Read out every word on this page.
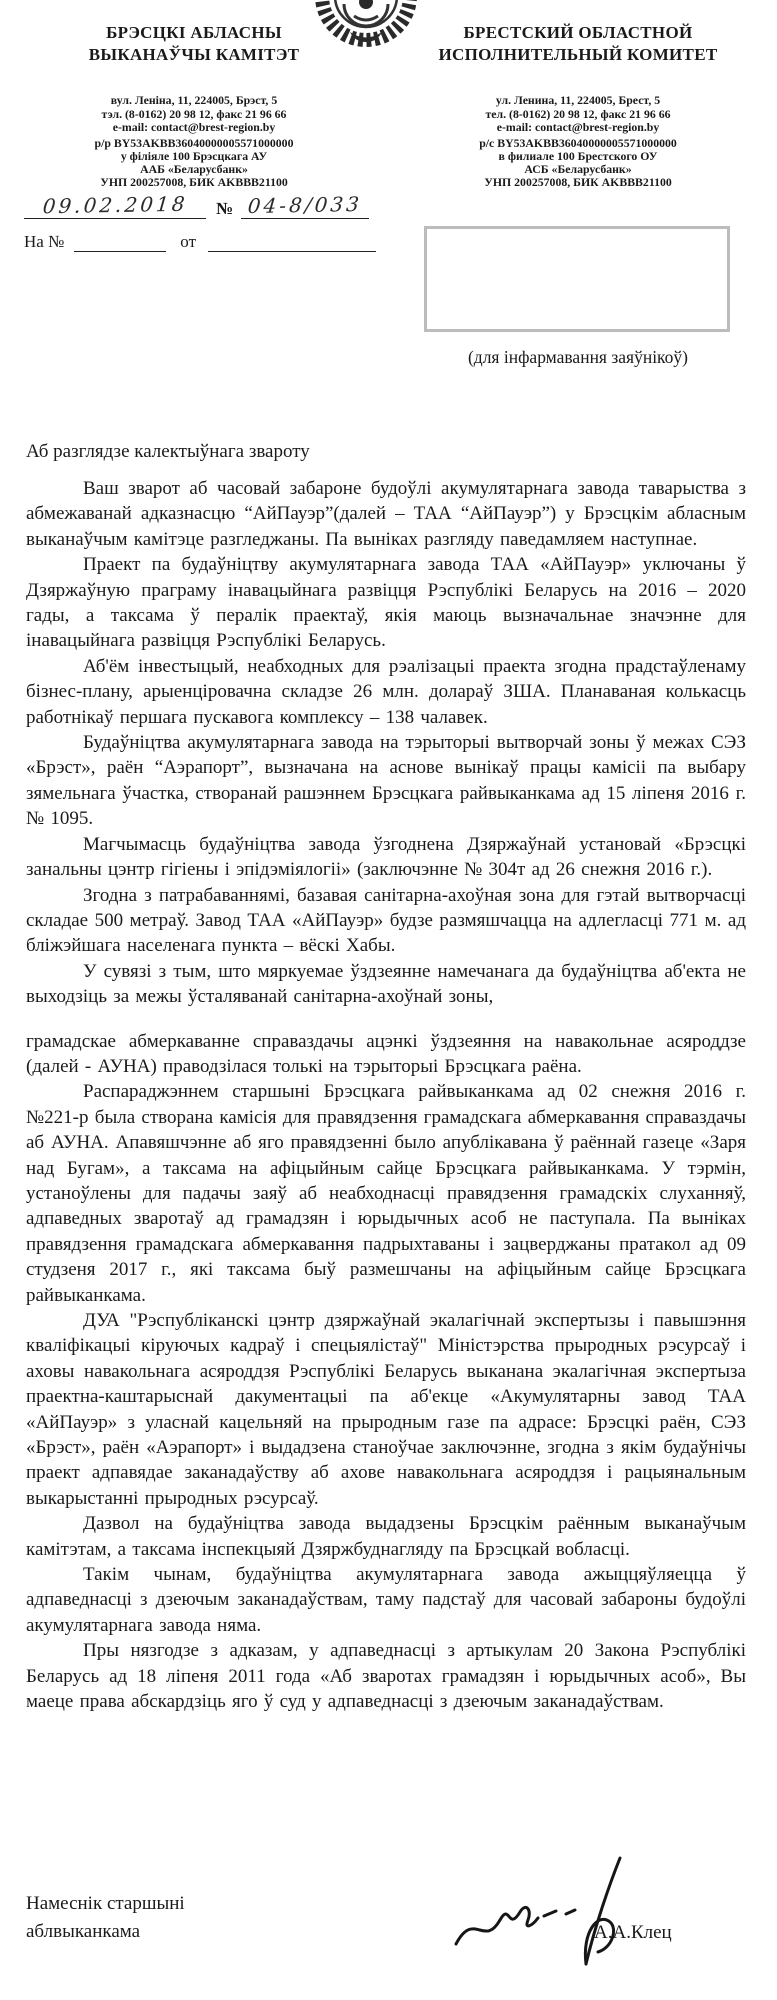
БРЭСЦКІ АБЛАСНЫ
ВЫКАНАЎЧЫ КАМІТЭТ
вул. Леніна, 11, 224005, Брэст, 5
тэл. (8-0162) 20 98 12, факс 21 96 66
e-mail: contact@brest-region.by
р/р BY53AKBB36040000005571000000
у філіяле 100 Брэсцкага АУ
ААБ «Беларусбанк»
УНП 200257008, БИК AKBBB21100
БРЕСТСКИЙ ОБЛАСТНОЙ
ИСПОЛНИТЕЛЬНЫЙ КОМИТЕТ
ул. Ленина, 11, 224005, Брест, 5
тел. (8-0162) 20 98 12, факс 21 96 66
e-mail: contact@brest-region.by
р/с BY53AKBB36040000005571000000
в филиале 100 Брестского ОУ
АСБ «Беларусбанк»
УНП 200257008, БИК AKBBB21100
09.02.2018 № 04-8/033
На №	от
(для інфармавання заяўнікоў)
Аб разглядзе калектыўнага звароту

Ваш зварот аб часовай забароне будоўлі акумулятарнага завода таварыства з абмежаванай адказнасцю “АйПауэр”(далей – ТАА “АйПауэр”) у Брэсцкім абласным выканаўчым камітэце разгледжаны. Па выніках разгляду паведамляем наступнае.

Праект па будаўніцтву акумулятарнага завода ТАА «АйПауэр» уключаны ў Дзяржаўную праграму інавацыйнага развіцця Рэспублікі Беларусь на 2016 – 2020 гады, а таксама ў пералік праектаў, якія маюць вызначальнае значэнне для інавацыйнага развіцця Рэспублікі Беларусь.

Аб'ём інвестыцый, неабходных для рэалізацыі праекта згодна прадстаўленаму бізнес-плану, арыенціровачна складзе 26 млн. долараў ЗША. Планаваная колькасць работнікаў першага пускавога комплексу – 138 чалавек.

Будаўніцтва акумулятарнага завода на тэрыторыі вытворчай зоны ў межах СЭЗ «Брэст», раён “Аэрапорт”, вызначана на аснове вынікаў працы камісіі па выбару зямельнага ўчастка, створанай рашэннем Брэсцкага райвыканкама ад 15 ліпеня 2016 г. № 1095.

Магчымасць будаўніцтва завода ўзгоднена Дзяржаўнай установай «Брэсцкі занальны цэнтр гігіены і эпідэміялогіі» (заключэнне № 304т ад 26 снежня 2016 г.).

Згодна з патрабаваннямі, базавая санітарна-ахоўная зона для гэтай вытворчасці складае 500 метраў. Завод ТАА «АйПауэр» будзе размяшчацца на адлегласці 771 м. ад бліжэйшага населенага пункта – вёскі Хабы.

У сувязі з тым, што мяркуемае ўздзеянне намечанага да будаўніцтва аб'екта не выходзіць за межы ўсталяванай санітарна-ахоўнай зоны,

грамадскае абмеркаванне справаздачы ацэнкі ўздзеяння на навакольнае асяроддзе (далей - АУНА) праводзілася толькі на тэрыторыі Брэсцкага раёна.

Распараджэннем старшыні Брэсцкага райвыканкама ад 02 снежня 2016 г. №221-р была створана камісія для правядзення грамадскага абмеркавання справаздачы аб АУНА. Апавяшчэнне аб яго правядзенні было апублікавана ў раённай газеце «Заря над Бугам», а таксама на афіцыйным сайце Брэсцкага райвыканкама. У тэрмін, устаноўлены для падачы заяў аб неабходнасці правядзення грамадскіх слуханняў, адпаведных зваротаў ад грамадзян і юрыдычных асоб не паступала. Па выніках правядзення грамадскага абмеркавання падрыхтаваны і зацверджаны пратакол ад 09 студзеня 2017 г., які таксама быў размешчаны на афіцыйным сайце Брэсцкага райвыканкама.

ДУА "Рэспубліканскі цэнтр дзяржаўнай экалагічнай экспертызы і павышэння кваліфікацыі кіруючых кадраў і спецыялістаў" Міністэрства прыродных рэсурсаў і аховы навакольнага асяроддзя Рэспублікі Беларусь выканана экалагічная экспертыза праектна-каштарыснай дакументацыі па аб'екце «Акумулятарны завод ТАА «АйПауэр» з уласнай кацельняй на прыродным газе па адрасе: Брэсцкі раён, СЭЗ «Брэст», раён «Аэрапорт» і выдадзена станоўчае заключэнне, згодна з якім будаўнічы праект адпавядае заканадаўству аб ахове навакольнага асяроддзя і рацыянальным выкарыстанні прыродных рэсурсаў.

Дазвол на будаўніцтва завода выдадзены Брэсцкім раённым выканаўчым камітэтам, а таксама інспекцыяй Дзяржбуднагляду па Брэсцкай вобласці.

Такім чынам, будаўніцтва акумулятарнага завода ажыццяўляецца ў адпаведнасці з дзеючым заканадаўствам, таму падстаў для часовай забароны будоўлі акумулятарнага завода няма.

Пры нязгодзе з адказам, у адпаведнасці з артыкулам 20 Закона Рэспублікі Беларусь ад 18 ліпеня 2011 года «Аб зваротах грамадзян і юрыдычных асоб», Вы маеце права абскардзіць яго ў суд у адпаведнасці з дзеючым заканадаўствам.

Намеснік старшыні
аблвыканкама	А.А.Клец
